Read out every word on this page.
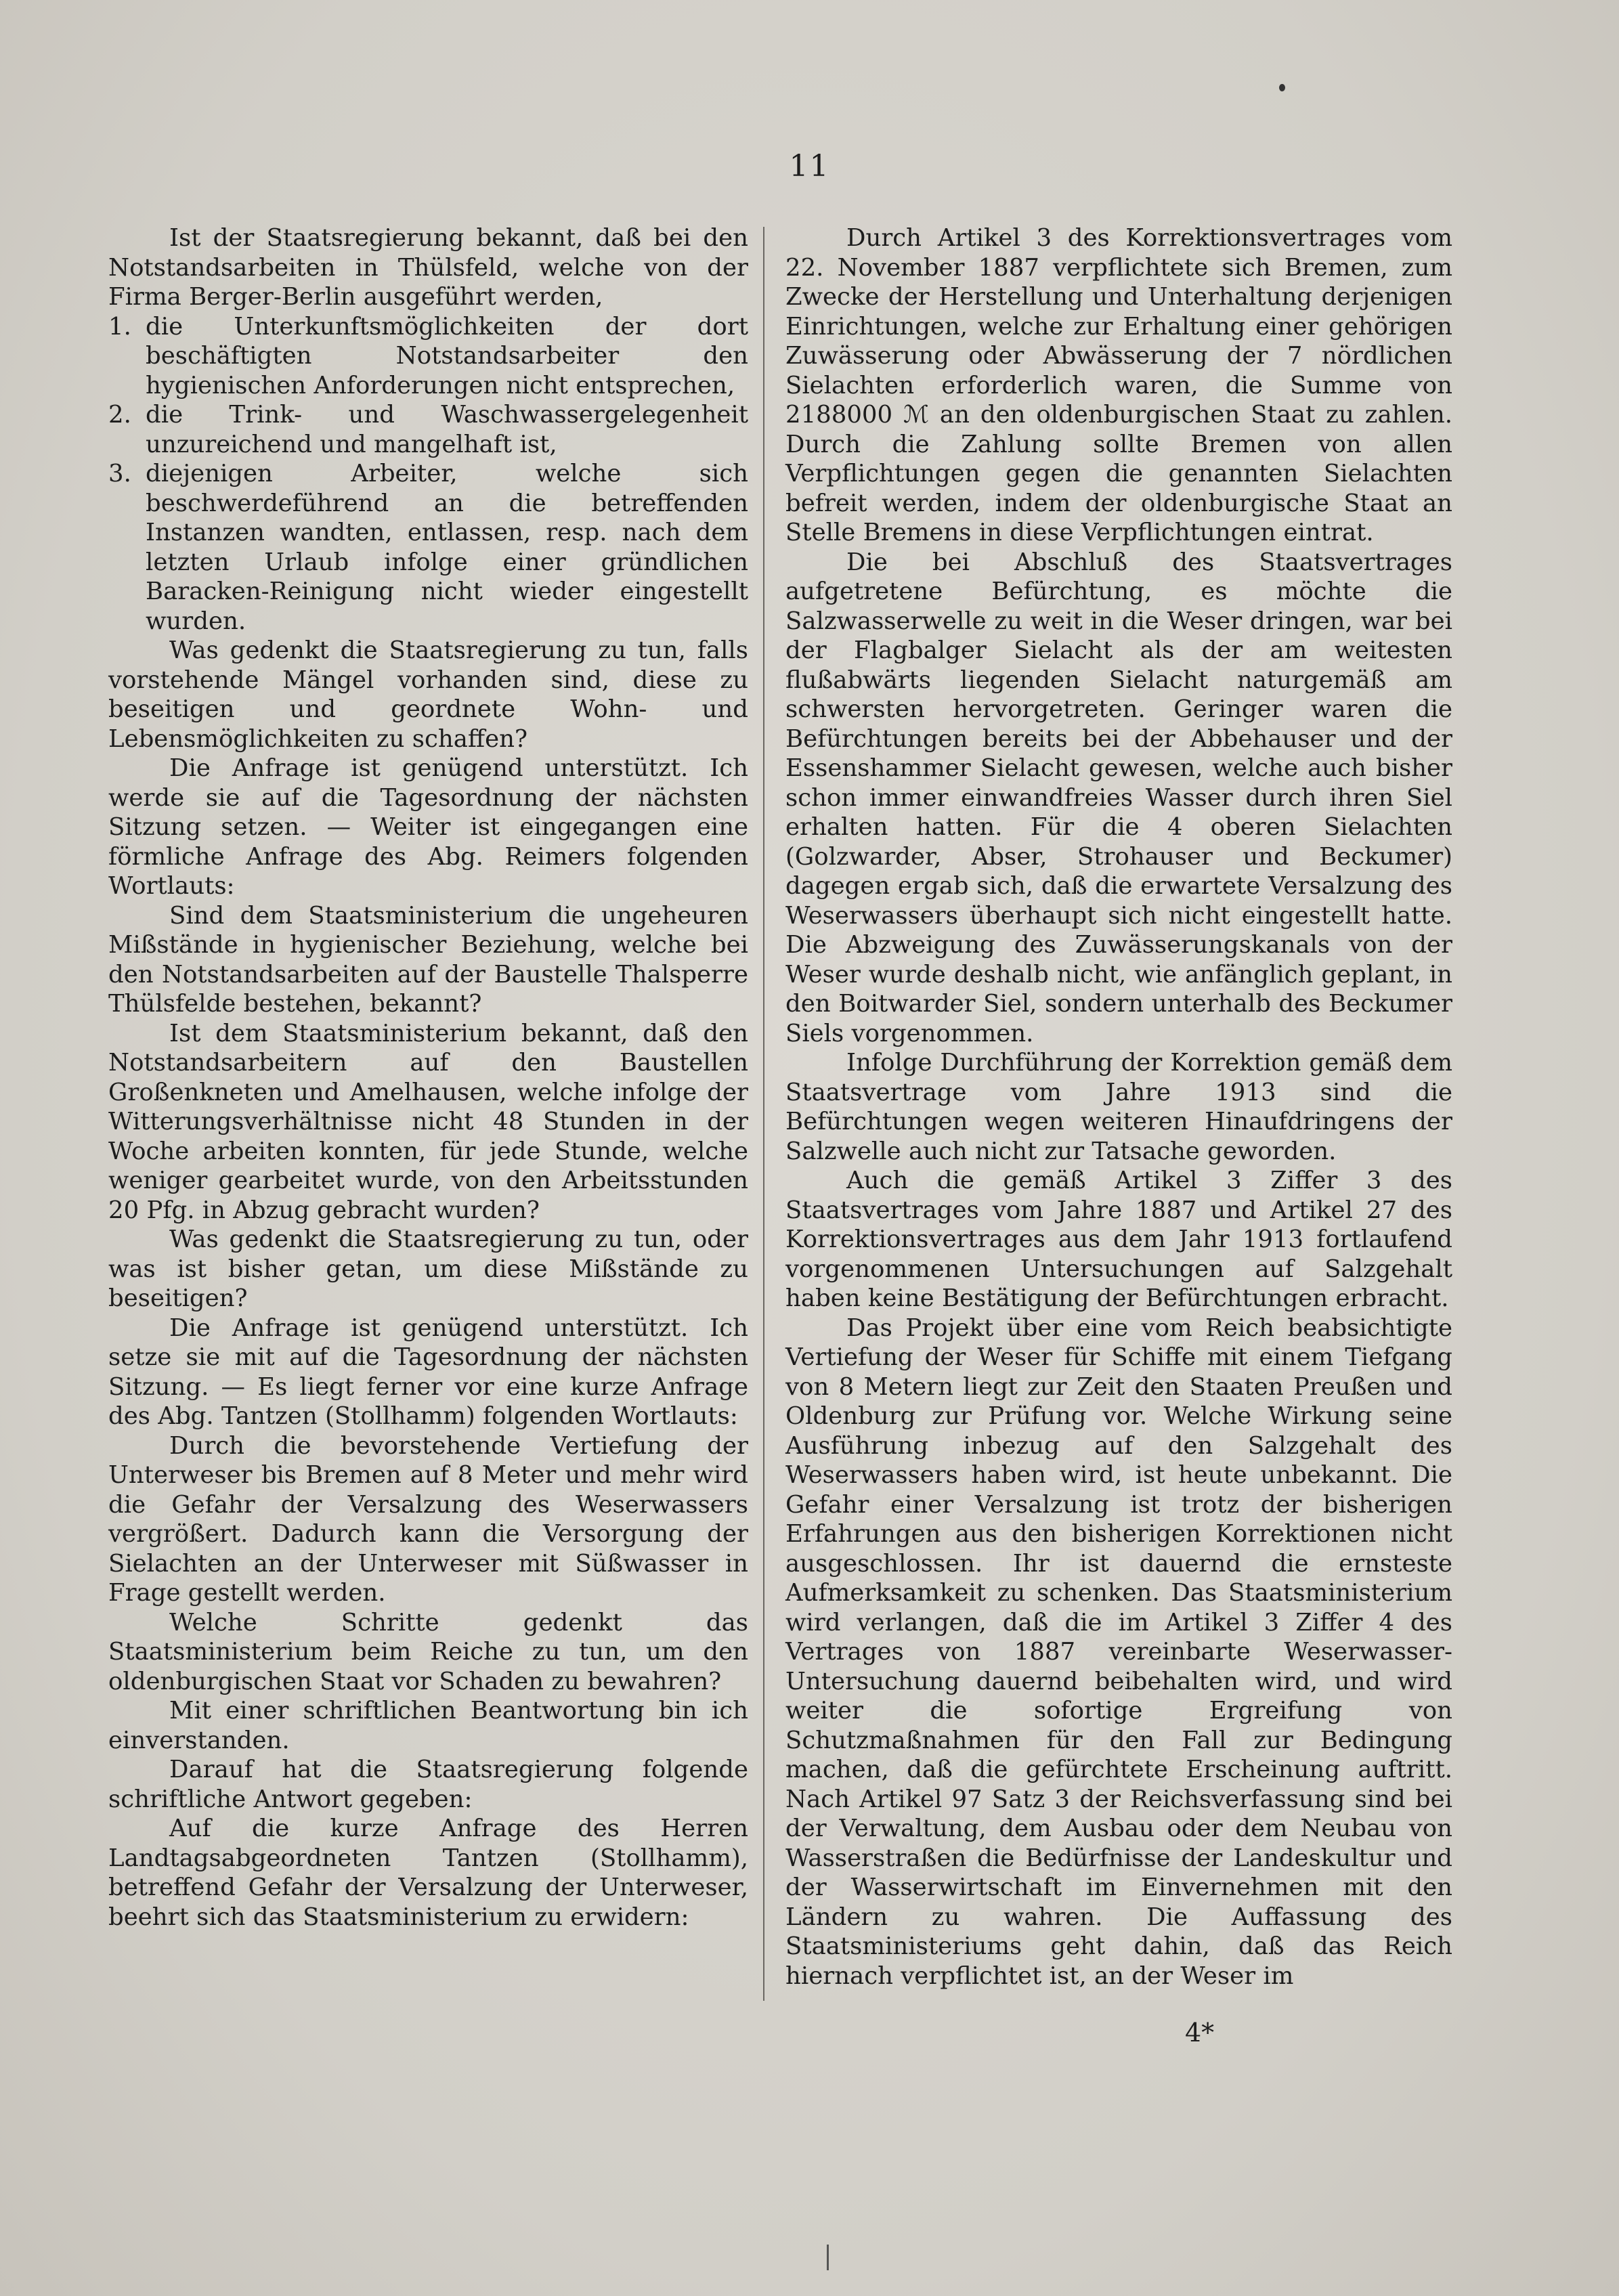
11

Ist der Staatsregierung bekannt, daß bei den Notstandsarbeiten in Thülsfeld, welche von der Firma Berger-Berlin ausgeführt werden,

1. die Unterkunftsmöglichkeiten der dort beschäftigten Notstandsarbeiter den hygienischen Anforderungen nicht entsprechen,
2. die Trink- und Waschwassergelegenheit unzureichend und mangelhaft ist,
3. diejenigen Arbeiter, welche sich beschwerdeführend an die betreffenden Instanzen wandten, entlassen, resp. nach dem letzten Urlaub infolge einer gründlichen Baracken-Reinigung nicht wieder eingestellt wurden.

Was gedenkt die Staatsregierung zu tun, falls vorstehende Mängel vorhanden sind, diese zu beseitigen und geordnete Wohn- und Lebensmöglichkeiten zu schaffen?

Die Anfrage ist genügend unterstützt. Ich werde sie auf die Tagesordnung der nächsten Sitzung setzen. — Weiter ist eingegangen eine förmliche Anfrage des Abg. Reimers folgenden Wortlauts:

Sind dem Staatsministerium die ungeheuren Mißstände in hygienischer Beziehung, welche bei den Notstandsarbeiten auf der Baustelle Thalsperre Thülsfelde bestehen, bekannt?

Ist dem Staatsministerium bekannt, daß den Notstandsarbeitern auf den Baustellen Großenkneten und Amelhausen, welche infolge der Witterungsverhältnisse nicht 48 Stunden in der Woche arbeiten konnten, für jede Stunde, welche weniger gearbeitet wurde, von den Arbeitsstunden 20 Pfg. in Abzug gebracht wurden?

Was gedenkt die Staatsregierung zu tun, oder was ist bisher getan, um diese Mißstände zu beseitigen?

Die Anfrage ist genügend unterstützt. Ich setze sie mit auf die Tagesordnung der nächsten Sitzung. — Es liegt ferner vor eine kurze Anfrage des Abg. Tantzen (Stollhamm) folgenden Wortlauts:

Durch die bevorstehende Vertiefung der Unterweser bis Bremen auf 8 Meter und mehr wird die Gefahr der Versalzung des Weserwassers vergrößert. Dadurch kann die Versorgung der Sielachten an der Unterweser mit Süßwasser in Frage gestellt werden.

Welche Schritte gedenkt das Staatsministerium beim Reiche zu tun, um den oldenburgischen Staat vor Schaden zu bewahren?

Mit einer schriftlichen Beantwortung bin ich einverstanden.

Darauf hat die Staatsregierung folgende schriftliche Antwort gegeben:

Auf die kurze Anfrage des Herren Landtagsabgeordneten Tantzen (Stollhamm), betreffend Gefahr der Versalzung der Unterweser, beehrt sich das Staatsministerium zu erwidern:

Durch Artikel 3 des Korrektionsvertrages vom 22. November 1887 verpflichtete sich Bremen, zum Zwecke der Herstellung und Unterhaltung derjenigen Einrichtungen, welche zur Erhaltung einer gehörigen Zuwässerung oder Abwässerung der 7 nördlichen Sielachten erforderlich waren, die Summe von 2188000 ℳ an den oldenburgischen Staat zu zahlen. Durch die Zahlung sollte Bremen von allen Verpflichtungen gegen die genannten Sielachten befreit werden, indem der oldenburgische Staat an Stelle Bremens in diese Verpflichtungen eintrat.

Die bei Abschluß des Staatsvertrages aufgetretene Befürchtung, es möchte die Salzwasserwelle zu weit in die Weser dringen, war bei der Flagbalger Sielacht als der am weitesten flußabwärts liegenden Sielacht naturgemäß am schwersten hervorgetreten. Geringer waren die Befürchtungen bereits bei der Abbehauser und der Essenshammer Sielacht gewesen, welche auch bisher schon immer einwandfreies Wasser durch ihren Siel erhalten hatten. Für die 4 oberen Sielachten (Golzwarder, Abser, Strohauser und Beckumer) dagegen ergab sich, daß die erwartete Versalzung des Weserwassers überhaupt sich nicht eingestellt hatte. Die Abzweigung des Zuwässerungskanals von der Weser wurde deshalb nicht, wie anfänglich geplant, in den Boitwarder Siel, sondern unterhalb des Beckumer Siels vorgenommen.

Infolge Durchführung der Korrektion gemäß dem Staatsvertrage vom Jahre 1913 sind die Befürchtungen wegen weiteren Hinaufdringens der Salzwelle auch nicht zur Tatsache geworden.

Auch die gemäß Artikel 3 Ziffer 3 des Staatsvertrages vom Jahre 1887 und Artikel 27 des Korrektionsvertrages aus dem Jahr 1913 fortlaufend vorgenommenen Untersuchungen auf Salzgehalt haben keine Bestätigung der Befürchtungen erbracht.

Das Projekt über eine vom Reich beabsichtigte Vertiefung der Weser für Schiffe mit einem Tiefgang von 8 Metern liegt zur Zeit den Staaten Preußen und Oldenburg zur Prüfung vor. Welche Wirkung seine Ausführung inbezug auf den Salzgehalt des Weserwassers haben wird, ist heute unbekannt. Die Gefahr einer Versalzung ist trotz der bisherigen Erfahrungen aus den bisherigen Korrektionen nicht ausgeschlossen. Ihr ist dauernd die ernsteste Aufmerksamkeit zu schenken. Das Staatsministerium wird verlangen, daß die im Artikel 3 Ziffer 4 des Vertrages von 1887 vereinbarte Weserwasser-Untersuchung dauernd beibehalten wird, und wird weiter die sofortige Ergreifung von Schutzmaßnahmen für den Fall zur Bedingung machen, daß die gefürchtete Erscheinung auftritt. Nach Artikel 97 Satz 3 der Reichsverfassung sind bei der Verwaltung, dem Ausbau oder dem Neubau von Wasserstraßen die Bedürfnisse der Landeskultur und der Wasserwirtschaft im Einvernehmen mit den Ländern zu wahren. Die Auffassung des Staatsministeriums geht dahin, daß das Reich hiernach verpflichtet ist, an der Weser im

4*
